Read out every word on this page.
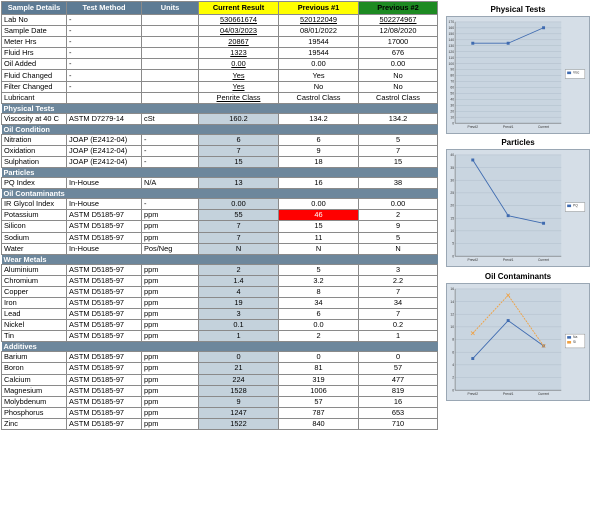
Sample Details	Test Method	Units	Current Result	Previous #1	Previous #2
Lab No	-		530661674	520122049	502274967
Sample Date	-		04/03/2023	08/01/2022	12/08/2020
Meter Hrs	-		20867	19544	17000
Fluid Hrs	-		1323	19544	676
Oil Added	-		0.00	0.00	0.00
Fluid Changed	-		Yes	Yes	No
Filter Changed	-		Yes	No	No
Lubricant			Penrite Class	Castrol Class	Castrol Class
Physical Tests					
Viscosity at 40 C	ASTM D7279-14	cSt	160.2	134.2	134.2
Oil Condition					
Nitration	JOAP (E2412-04)	-	6	6	5
Oxidation	JOAP (E2412-04)	-	7	9	7
Sulphation	JOAP (E2412-04)	-	15	18	15
Particles					
PQ Index	In-House	N/A	13	16	38
Oil Contaminants					
IR Glycol Index	In-House	-	0.00	0.00	0.00
Potassium	ASTM D5185-97	ppm	55	46	2
Silicon	ASTM D5185-97	ppm	7	15	9
Sodium	ASTM D5185-97	ppm	7	11	5
Water	In-House	Pos/Neg	N	N	N
Wear Metals					
Aluminium	ASTM D5185-97	ppm	2	5	3
Chromium	ASTM D5185-97	ppm	1.4	3.2	2.2
Copper	ASTM D5185-97	ppm	4	8	7
Iron	ASTM D5185-97	ppm	19	34	34
Lead	ASTM D5185-97	ppm	3	6	7
Nickel	ASTM D5185-97	ppm	0.1	0.0	0.2
Tin	ASTM D5185-97	ppm	1	2	1
Additives					
Barium	ASTM D5185-97	ppm	0	0	0
Boron	ASTM D5185-97	ppm	21	81	57
Calcium	ASTM D5185-97	ppm	224	319	477
Magnesium	ASTM D5185-97	ppm	1528	1006	819
Molybdenum	ASTM D5185-97	ppm	9	57	16
Phosphorus	ASTM D5185-97	ppm	1247	787	653
Zinc	ASTM D5185-97	ppm	1522	840	710
Physical Tests
0
10
20
30
40
50
60
70
80
90
100
110
120
130
140
150
160
170
Prev#2	Prev#1	Current
Visc
Particles
0
5
10
15
20
25
30
35
40
Prev#2	Prev#1	Current
PQ
Oil Contaminants
0
2
4
6
8
10
12
14
16
Prev#2	Prev#1	Current
Na
Si
